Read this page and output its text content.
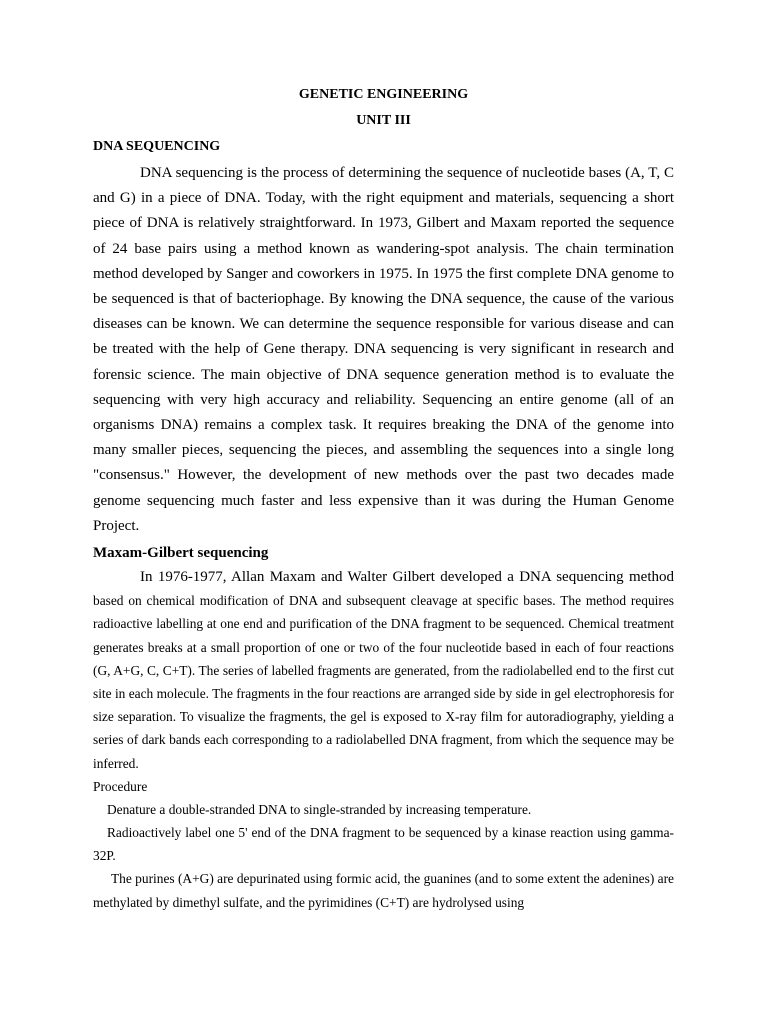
GENETIC ENGINEERING
UNIT III
DNA SEQUENCING

DNA sequencing is the process of determining the sequence of nucleotide bases (A, T, C and G) in a piece of DNA. Today, with the right equipment and materials, sequencing a short piece of DNA is relatively straightforward. In 1973, Gilbert and Maxam reported the sequence of 24 base pairs using a method known as wandering-spot analysis. The chain termination method developed by Sanger and coworkers in 1975. In 1975 the first complete DNA genome to be sequenced is that of bacteriophage. By knowing the DNA sequence, the cause of the various diseases can be known. We can determine the sequence responsible for various disease and can be treated with the help of Gene therapy. DNA sequencing is very significant in research and forensic science. The main objective of DNA sequence generation method is to evaluate the sequencing with very high accuracy and reliability. Sequencing an entire genome (all of an organisms DNA) remains a complex task. It requires breaking the DNA of the genome into many smaller pieces, sequencing the pieces, and assembling the sequences into a single long "consensus." However, the development of new methods over the past two decades made genome sequencing much faster and less expensive than it was during the Human Genome Project.

Maxam-Gilbert sequencing

In 1976-1977, Allan Maxam and Walter Gilbert developed a DNA sequencing method based on chemical modification of DNA and subsequent cleavage at specific bases. The method requires radioactive labelling at one end and purification of the DNA fragment to be sequenced. Chemical treatment generates breaks at a small proportion of one or two of the four nucleotide based in each of four reactions (G, A+G, C, C+T). The series of labelled fragments are generated, from the radiolabelled end to the first cut site in each molecule. The fragments in the four reactions are arranged side by side in gel electrophoresis for size separation. To visualize the fragments, the gel is exposed to X-ray film for autoradiography, yielding a series of dark bands each corresponding to a radiolabelled DNA fragment, from which the sequence may be inferred.

Procedure

Denature a double-stranded DNA to single-stranded by increasing temperature.

Radioactively label one 5' end of the DNA fragment to be sequenced by a kinase reaction using gamma-32P.

The purines (A+G) are depurinated using formic acid, the guanines (and to some extent the adenines) are methylated by dimethyl sulfate, and the pyrimidines (C+T) are hydrolysed using
